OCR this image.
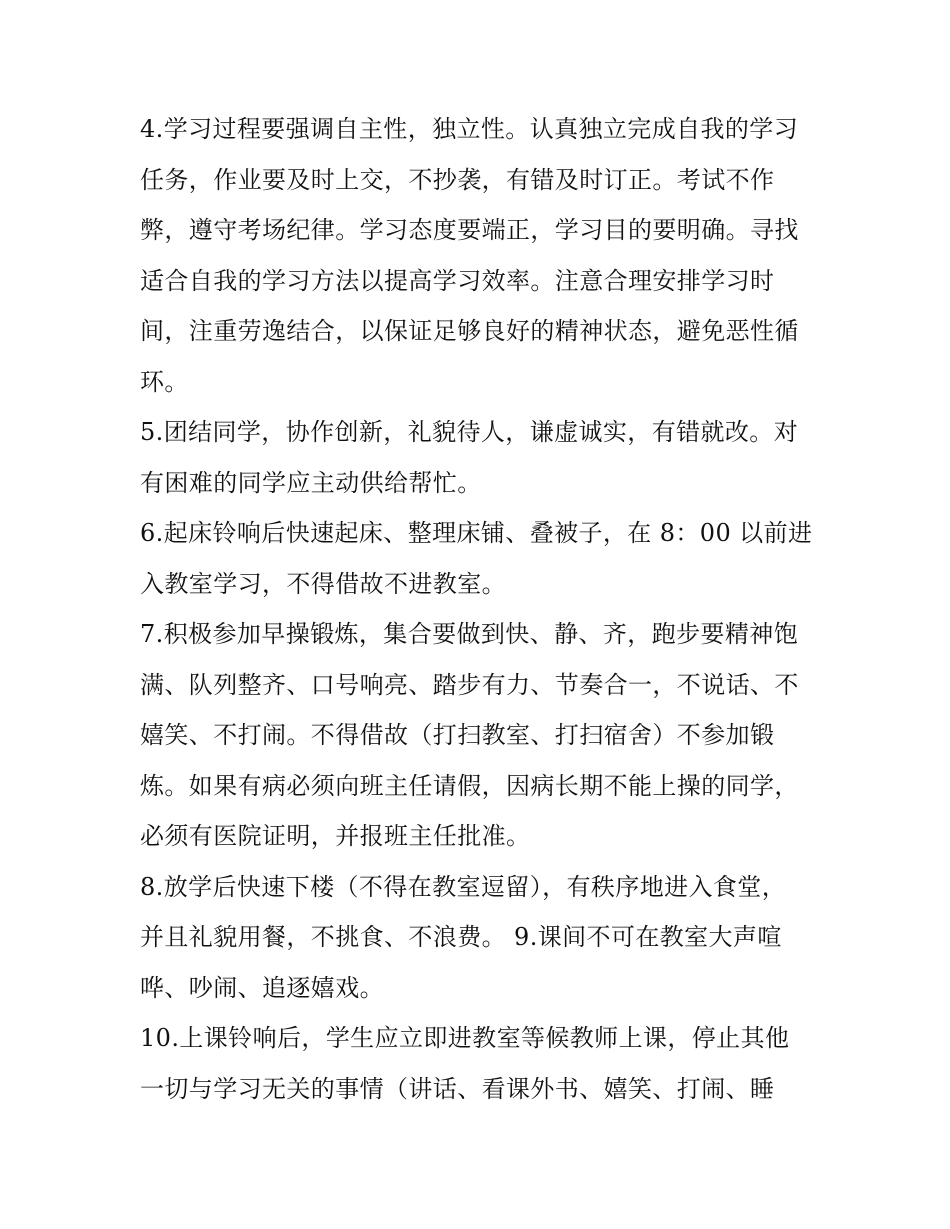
4.学习过程要强调自主性，独立性。认真独立完成自我的学习
任务，作业要及时上交，不抄袭，有错及时订正。考试不作
弊，遵守考场纪律。学习态度要端正，学习目的要明确。寻找
适合自我的学习方法以提高学习效率。注意合理安排学习时
间，注重劳逸结合，以保证足够良好的精神状态，避免恶性循
环。
5.团结同学，协作创新，礼貌待人，谦虚诚实，有错就改。对
有困难的同学应主动供给帮忙。
6.起床铃响后快速起床、整理床铺、叠被子，在 8：00 以前进
入教室学习，不得借故不进教室。
7.积极参加早操锻炼，集合要做到快、静、齐，跑步要精神饱
满、队列整齐、口号响亮、踏步有力、节奏合一，不说话、不
嬉笑、不打闹。不得借故（打扫教室、打扫宿舍）不参加锻
炼。如果有病必须向班主任请假，因病长期不能上操的同学，
必须有医院证明，并报班主任批准。
8.放学后快速下楼（不得在教室逗留），有秩序地进入食堂，
并且礼貌用餐，不挑食、不浪费。 9.课间不可在教室大声喧
哗、吵闹、追逐嬉戏。
10.上课铃响后，学生应立即进教室等候教师上课，停止其他
一切与学习无关的事情（讲话、看课外书、嬉笑、打闹、睡
